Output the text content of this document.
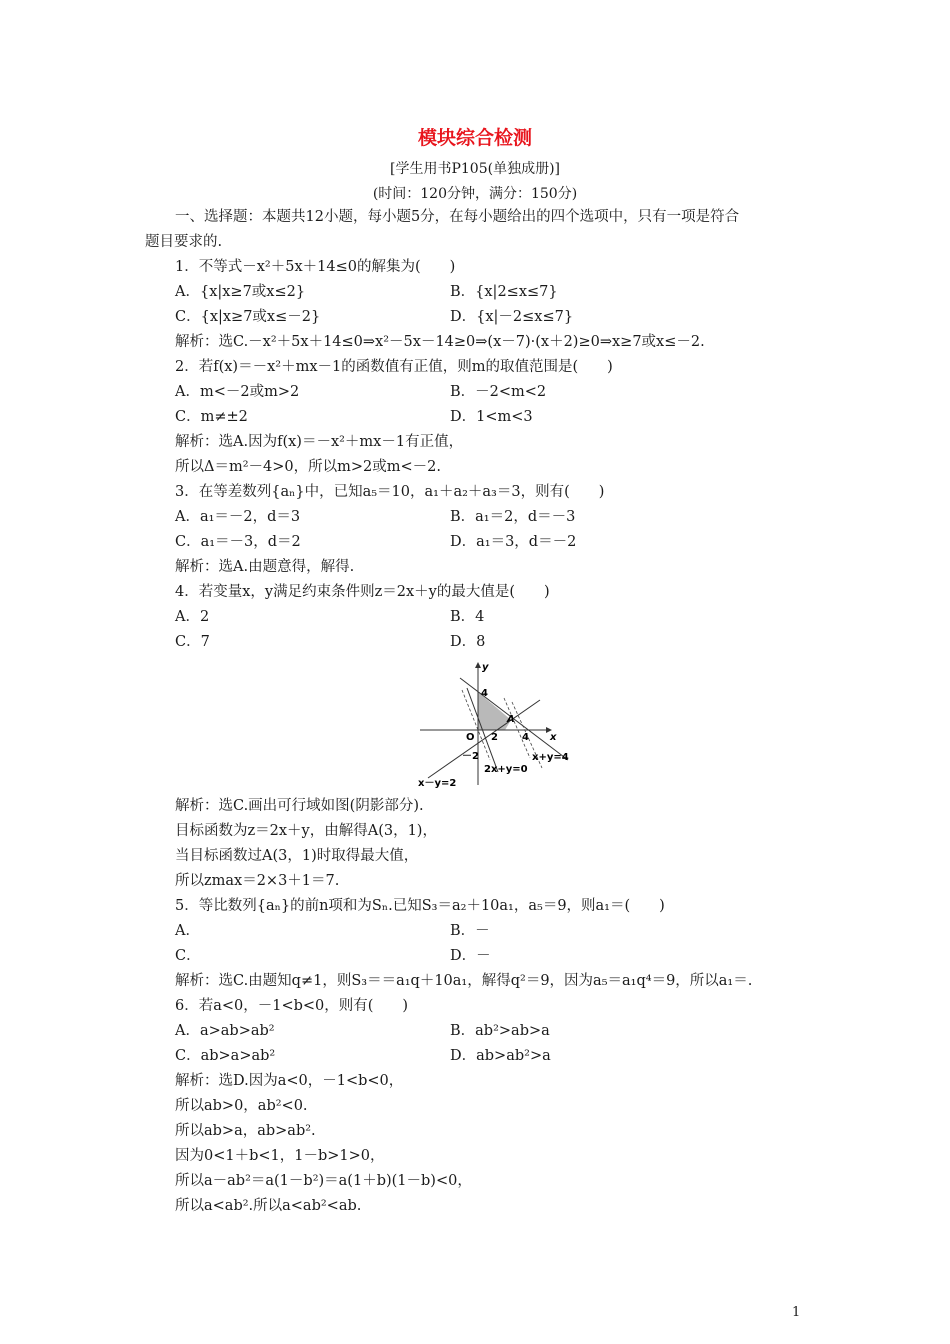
模块综合检测
[学生用书P105(单独成册)]
(时间：120分钟，满分：150分)
一、选择题：本题共12小题，每小题5分，在每小题给出的四个选项中，只有一项是符合
题目要求的.
1．不等式－x²＋5x＋14≤0的解集为(　　)
A．{x|x≥7或x≤2}	B．{x|2≤x≤7}
C．{x|x≥7或x≤－2}	D．{x|－2≤x≤7}
解析：选C.－x²＋5x＋14≤0⇒x²－5x－14≥0⇒(x－7)·(x＋2)≥0⇒x≥7或x≤－2.
2．若f(x)＝－x²＋mx－1的函数值有正值，则m的取值范围是(　　)
A．m<－2或m>2	B．－2<m<2
C．m≠±2	D．1<m<3
解析：选A.因为f(x)＝－x²＋mx－1有正值，
所以Δ＝m²－4>0，所以m>2或m<－2.
3．在等差数列{aₙ}中，已知a₅＝10，a₁＋a₂＋a₃＝3，则有(　　)
A．a₁＝－2，d＝3	B．a₁＝2，d＝－3
C．a₁＝－3，d＝2	D．a₁＝3，d＝－2
解析：选A.由题意得，解得.
4．若变量x，y满足约束条件则z＝2x＋y的最大值是(　　)
A．2	B．4
C．7	D．8
y
x
O
A
4
2 4
－2	x+y=4
2x+y=0
x－y=2
解析：选C.画出可行域如图(阴影部分).
目标函数为z＝2x＋y，由解得A(3，1)，
当目标函数过A(3，1)时取得最大值，
所以zmax＝2×3＋1＝7.
5．等比数列{aₙ}的前n项和为Sₙ.已知S₃＝a₂＋10a₁，a₅＝9，则a₁＝(　　)
A．	B．－
C．	D．－
解析：选C.由题知q≠1，则S₃＝＝a₁q＋10a₁，解得q²＝9，因为a₅＝a₁q⁴＝9，所以a₁＝.
6．若a<0，－1<b<0，则有(　　)
A．a>ab>ab²	B．ab²>ab>a
C．ab>a>ab²	D．ab>ab²>a
解析：选D.因为a<0，－1<b<0，
所以ab>0，ab²<0.
所以ab>a，ab>ab².
因为0<1＋b<1，1－b>1>0，
所以a－ab²＝a(1－b²)＝a(1＋b)(1－b)<0，
所以a<ab².所以a<ab²<ab.
1
